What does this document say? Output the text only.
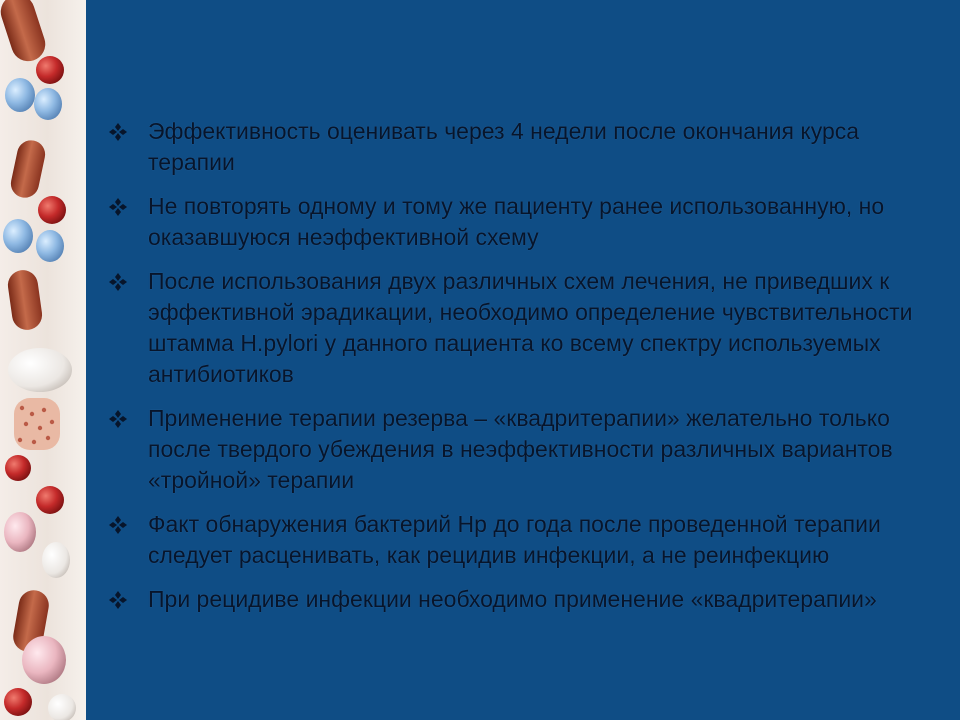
Эффективность оценивать через 4 недели после окончания курса терапии
Не повторять одному и тому же пациенту ранее использованную, но оказавшуюся неэффективной схему
После использования двух различных схем лечения, не приведших к эффективной эрадикации, необходимо определение чувствительности штамма H.pylori у данного пациента ко всему спектру используемых антибиотиков
Применение терапии резерва – «квадритерапии» желательно только после твердого убеждения в неэффективности различных вариантов «тройной» терапии
Факт обнаружения бактерий Hp до года после проведенной терапии следует расценивать, как рецидив инфекции, а не реинфекцию
При рецидиве инфекции необходимо применение «квадритерапии»
